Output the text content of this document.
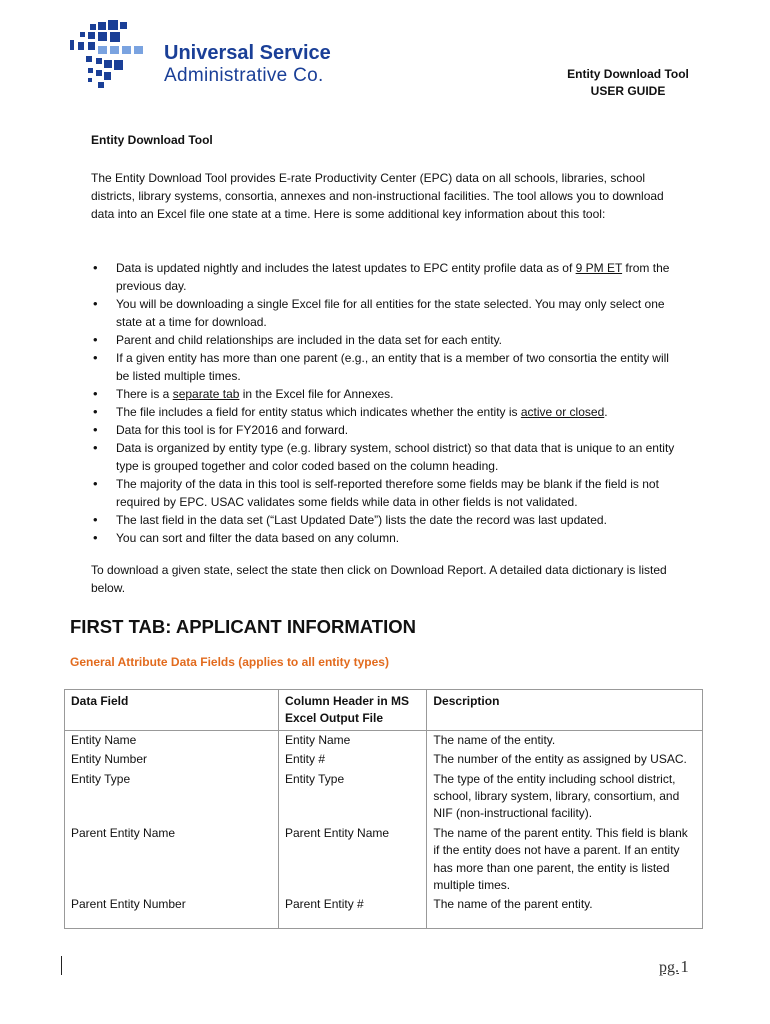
Universal Service
Administrative Co.	Entity Download Tool
USER GUIDE
Entity Download Tool
The Entity Download Tool provides E-rate Productivity Center (EPC) data on all schools, libraries, school districts, library systems, consortia, annexes and non-instructional facilities. The tool allows you to download data into an Excel file one state at a time. Here is some additional key information about this tool:
• Data is updated nightly and includes the latest updates to EPC entity profile data as of 9 PM ET from the previous day.
• You will be downloading a single Excel file for all entities for the state selected. You may only select one state at a time for download.
• Parent and child relationships are included in the data set for each entity.
• If a given entity has more than one parent (e.g., an entity that is a member of two consortia the entity will be listed multiple times.
• There is a separate tab in the Excel file for Annexes.
• The file includes a field for entity status which indicates whether the entity is active or closed.
• Data for this tool is for FY2016 and forward.
• Data is organized by entity type (e.g. library system, school district) so that data that is unique to an entity type is grouped together and color coded based on the column heading.
• The majority of the data in this tool is self-reported therefore some fields may be blank if the field is not required by EPC. USAC validates some fields while data in other fields is not validated.
• The last field in the data set (“Last Updated Date”) lists the date the record was last updated.
• You can sort and filter the data based on any column.
To download a given state, select the state then click on Download Report. A detailed data dictionary is listed below.
FIRST TAB: APPLICANT INFORMATION
General Attribute Data Fields (applies to all entity types)
Data Field	Column Header in MS Excel Output File	Description
Entity Name	Entity Name	The name of the entity.
Entity Number	Entity #	The number of the entity as assigned by USAC.
Entity Type	Entity Type	The type of the entity including school district, school, library system, library, consortium, and NIF (non-instructional facility).
Parent Entity Name	Parent Entity Name	The name of the parent entity. This field is blank if the entity does not have a parent. If an entity has more than one parent, the entity is listed multiple times.
Parent Entity Number	Parent Entity #	The name of the parent entity.
pg. 1
